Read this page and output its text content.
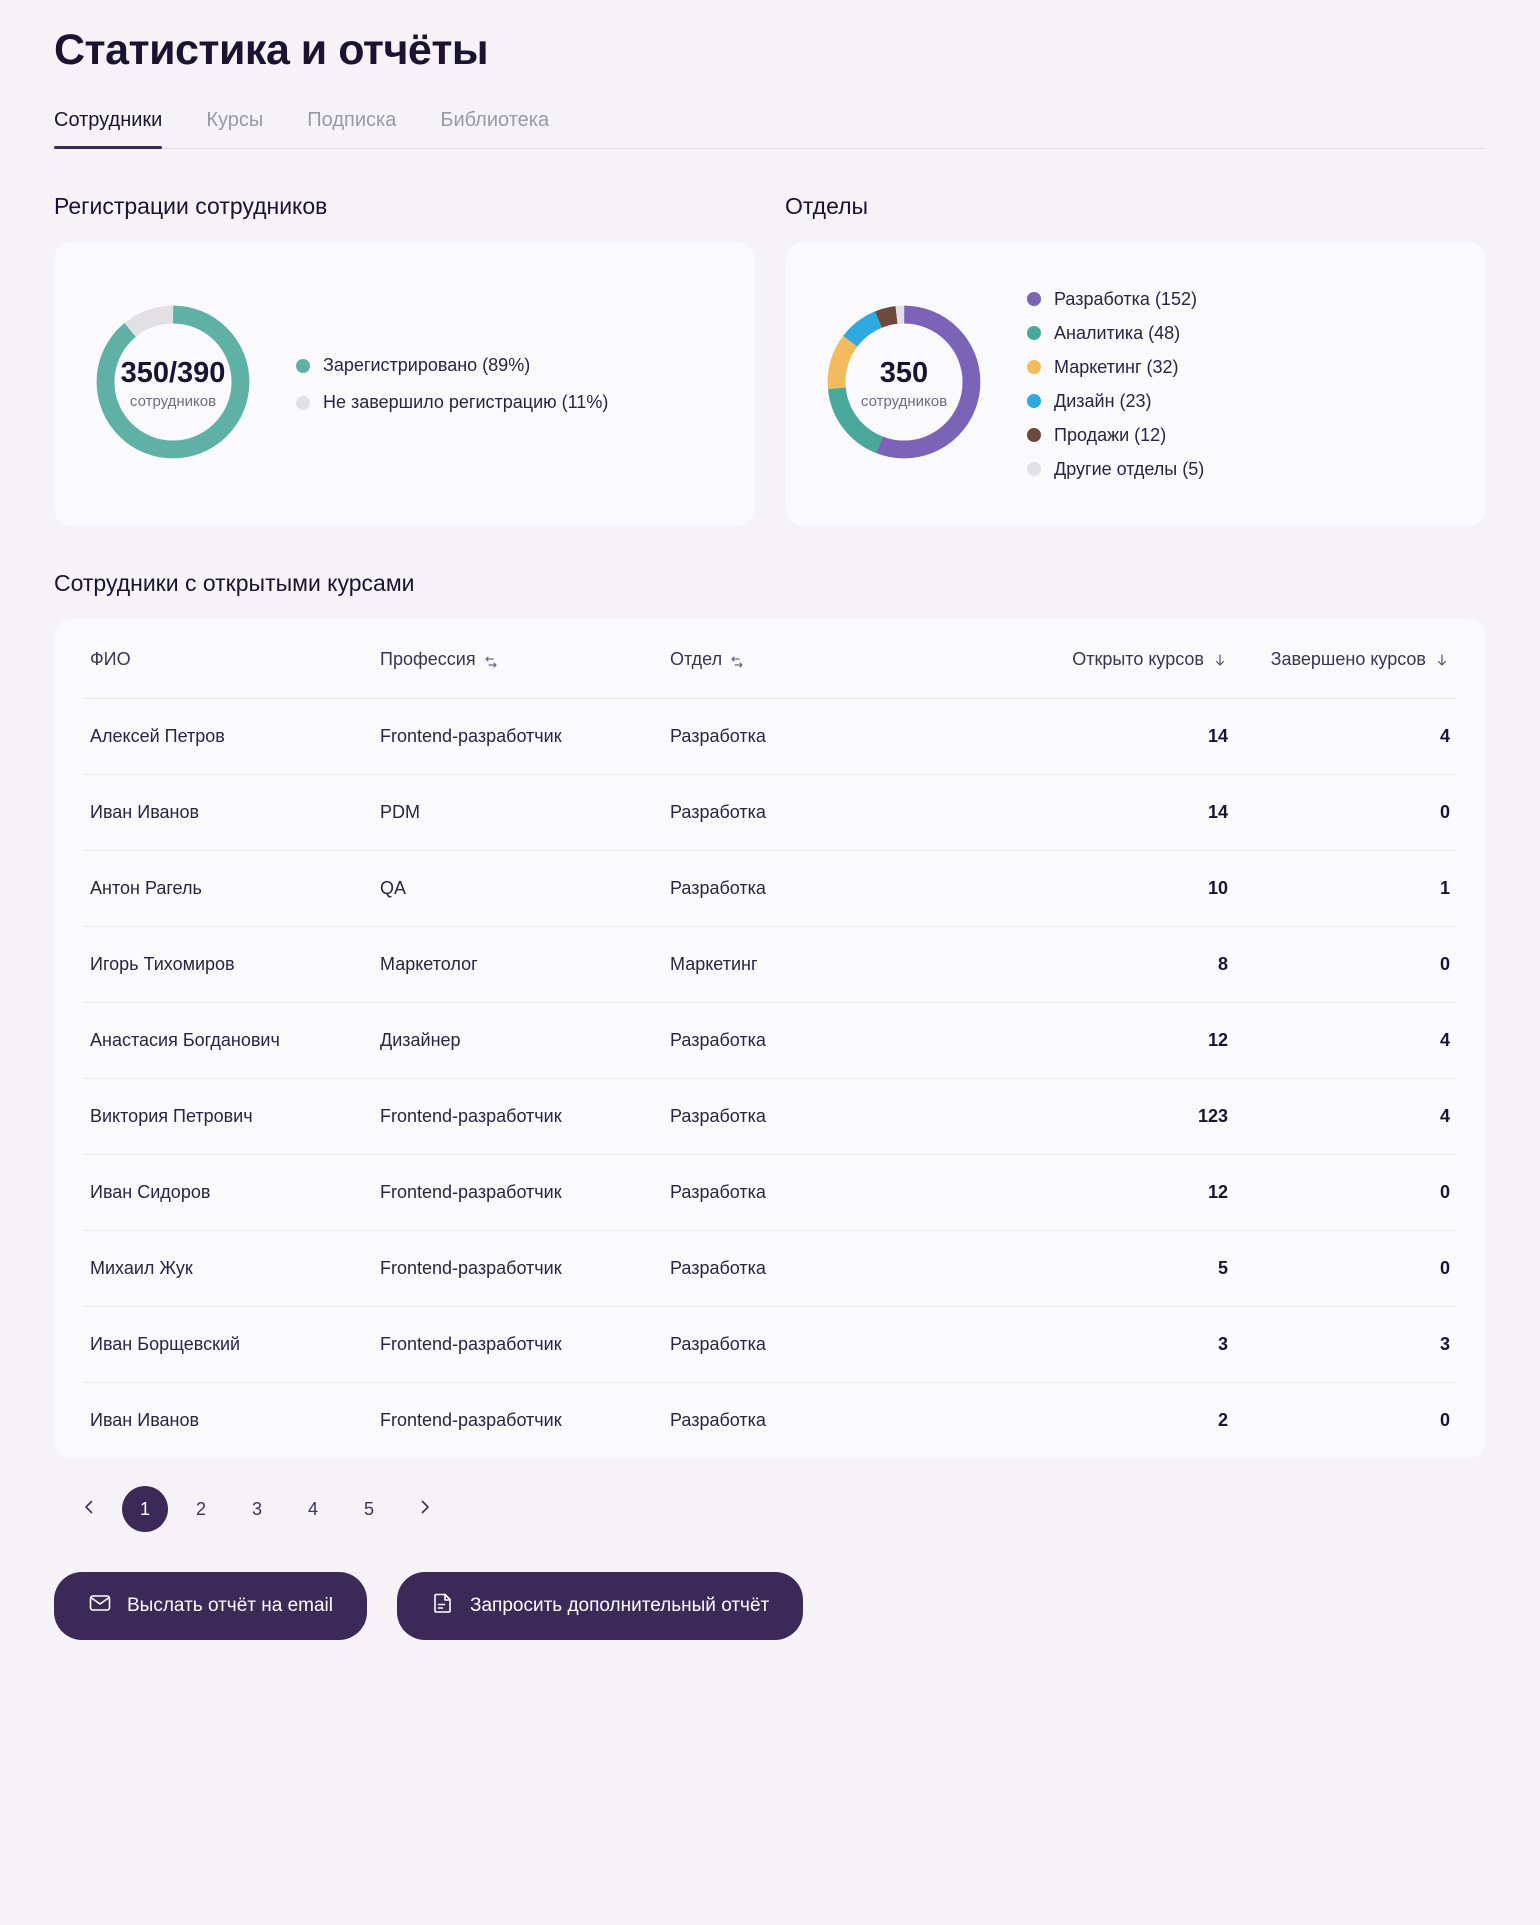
Статистика и отчёты
Сотрудники Курсы Подписка Библиотека
Регистрации сотрудников
350/390
сотрудников
Зарегистрировано (89%)
Не завершило регистрацию (11%)
Отделы
350
сотрудников
Разработка (152)
Аналитика (48)
Маркетинг (32)
Дизайн (23)
Продажи (12)
Другие отделы (5)
Сотрудники с открытыми курсами
ФИО	Профессия	Отдел	Открыто курсов	Завершено курсов

Алексей Петров	Frontend-разработчик	Разработка	14	4
Иван Иванов	PDM	Разработка	14	0
Антон Рагель	QA	Разработка	10	1
Игорь Тихомиров	Маркетолог	Маркетинг	8	0
Анастасия Богданович	Дизайнер	Разработка	12	4
Виктория Петрович	Frontend-разработчик	Разработка	123	4
Иван Сидоров	Frontend-разработчик	Разработка	12	0
Михаил Жук	Frontend-разработчик	Разработка	5	0
Иван Борщевский	Frontend-разработчик	Разработка	3	3
Иван Иванов	Frontend-разработчик	Разработка	2	0
1	2	3	4	5
Выслать отчёт на email	Запросить дополнительный отчёт
